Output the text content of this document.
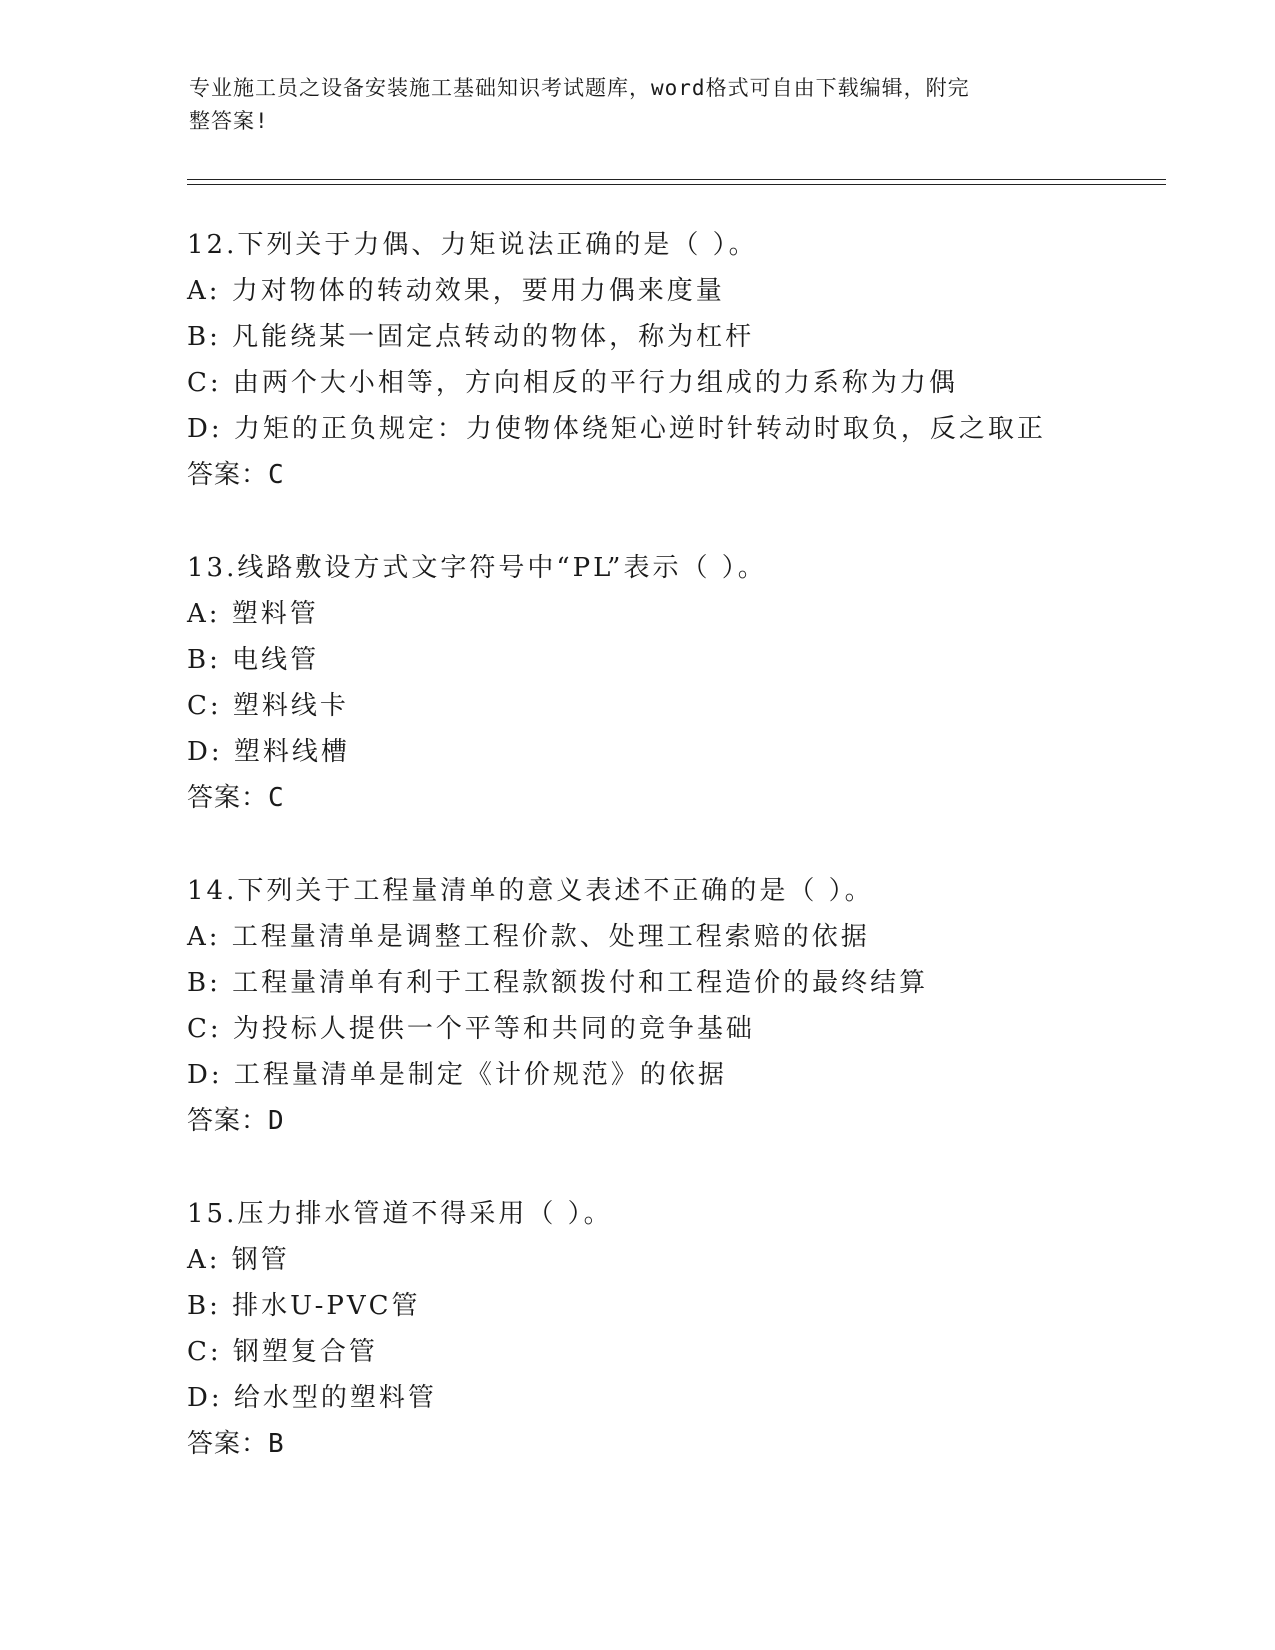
专业施工员之设备安装施工基础知识考试题库，word格式可自由下载编辑，附完
整答案!
12.下列关于力偶、力矩说法正确的是（ ）。
A: 力对物体的转动效果，要用力偶来度量
B: 凡能绕某一固定点转动的物体，称为杠杆
C: 由两个大小相等，方向相反的平行力组成的力系称为力偶
D: 力矩的正负规定：力使物体绕矩心逆时针转动时取负，反之取正
答案：C
13.线路敷设方式文字符号中“PL”表示（ ）。
A: 塑料管
B: 电线管
C: 塑料线卡
D: 塑料线槽
答案：C
14.下列关于工程量清单的意义表述不正确的是（ ）。
A: 工程量清单是调整工程价款、处理工程索赔的依据
B: 工程量清单有利于工程款额拨付和工程造价的最终结算
C: 为投标人提供一个平等和共同的竞争基础
D: 工程量清单是制定《计价规范》的依据
答案：D
15.压力排水管道不得采用（ ）。
A: 钢管
B: 排水U-PVC管
C: 钢塑复合管
D: 给水型的塑料管
答案：B
